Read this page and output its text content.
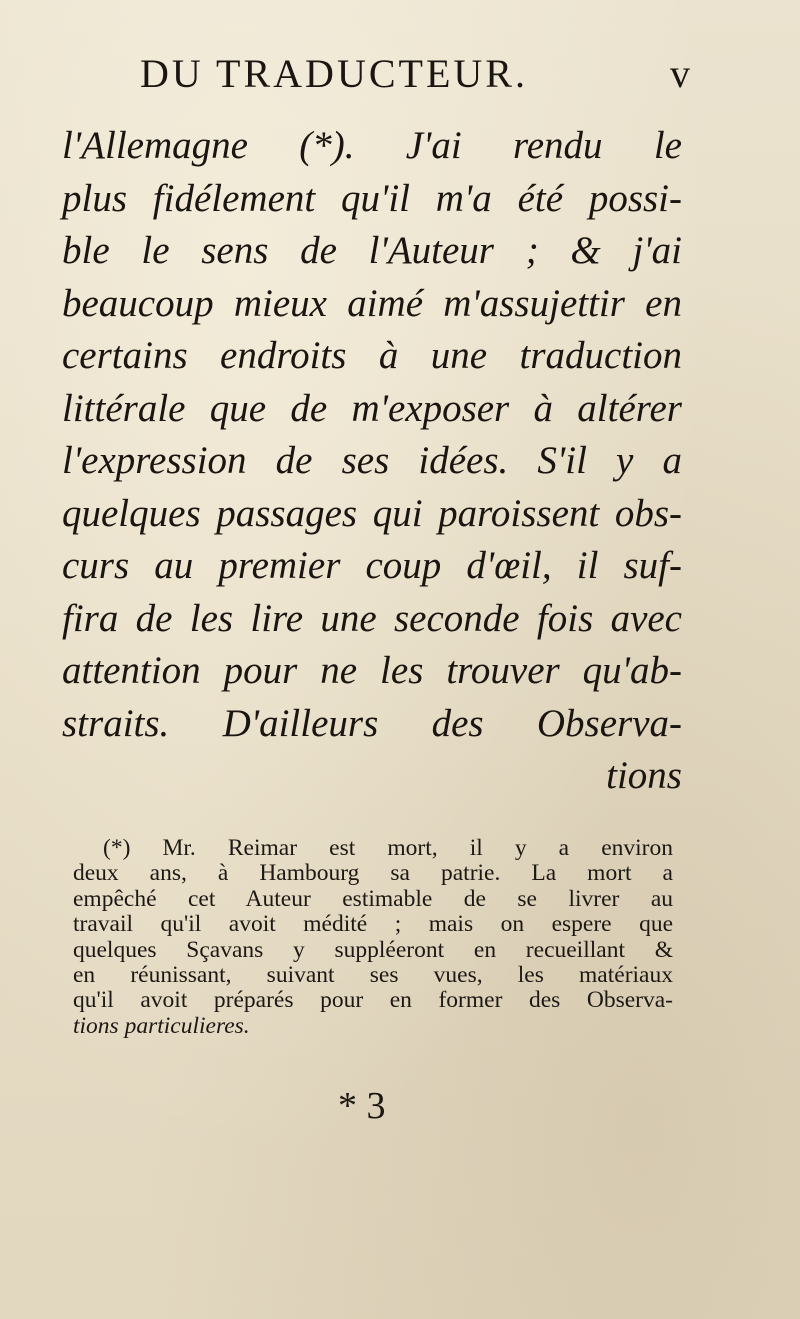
DU TRADUCTEUR.	v
l'Allemagne (*). J'ai rendu le
plus fidélement qu'il m'a été possi-
ble le sens de l'Auteur ; & j'ai
beaucoup mieux aimé m'assujettir en
certains endroits à une traduction
littérale que de m'exposer à altérer
l'expression de ses idées. S'il y a
quelques passages qui paroissent obs-
curs au premier coup d'œil, il suf-
fira de les lire une seconde fois avec
attention pour ne les trouver qu'ab-
straits. D'ailleurs des Observa-
tions
(*) Mr. Reimar est mort, il y a environ
deux ans, à Hambourg sa patrie. La mort a
empêché cet Auteur estimable de se livrer au
travail qu'il avoit médité ; mais on espere que
quelques Sçavans y suppléeront en recueillant &
en réunissant, suivant ses vues, les matériaux
qu'il avoit préparés pour en former des Observa-
tions particulieres.
* 3
